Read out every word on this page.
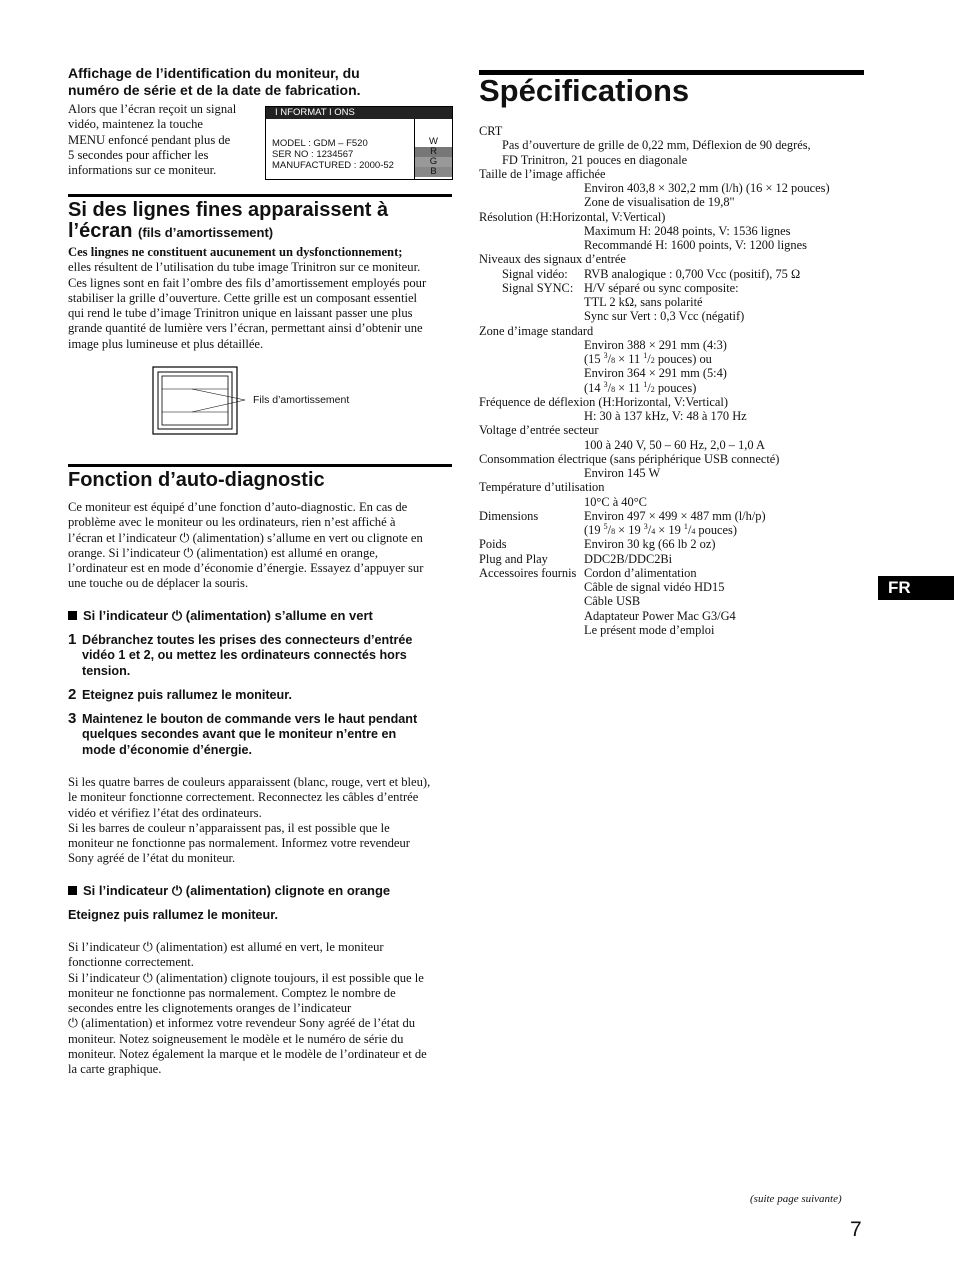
Affichage de l’identification du moniteur, du
numéro de série et de la date de fabrication.
Alors que l’écran reçoit un signal
vidéo, maintenez la touche
MENU enfoncé pendant plus de
5 secondes pour afficher les
informations sur ce moniteur.
I NFORMAT I ONS
MODEL : GDM – F520
SER NO : 1234567
MANUFACTURED : 2000-52
W
R
G
B
Si des lignes fines apparaissent à
l’écran (fils d’amortissement)
Ces lingnes ne constituent aucunement un dysfonctionnement;
elles résultent de l’utilisation du tube image Trinitron sur ce moniteur.
Ces lignes sont en fait l’ombre des fils d’amortissement employés pour
stabiliser la grille d’ouverture. Cette grille est un composant essentiel
qui rend le tube d’image Trinitron unique en laissant passer une plus
grande quantité de lumière vers l’écran, permettant ainsi d’obtenir une
image plus lumineuse et plus détaillée.
Fils d’amortissement
Fonction d’auto-diagnostic
Ce moniteur est équipé d’une fonction d’auto-diagnostic. En cas de
problème avec le moniteur ou les ordinateurs, rien n’est affiché à
l’écran et l’indicateur ⏻ (alimentation) s’allume en vert ou clignote en
orange. Si l’indicateur ⏻ (alimentation) est allumé en orange,
l’ordinateur est en mode d’économie d’énergie. Essayez d’appuyer sur
une touche ou de déplacer la souris.
Si l’indicateur ⏻ (alimentation) s’allume en vert
1 Débranchez toutes les prises des connecteurs d’entrée
vidéo 1 et 2, ou mettez les ordinateurs connectés hors
tension.
2 Eteignez puis rallumez le moniteur.
3 Maintenez le bouton de commande vers le haut pendant
quelques secondes avant que le moniteur n’entre en
mode d’économie d’énergie.
Si les quatre barres de couleurs apparaissent (blanc, rouge, vert et bleu),
le moniteur fonctionne correctement. Reconnectez les câbles d’entrée
vidéo et vérifiez l’état des ordinateurs.
Si les barres de couleur n’apparaissent pas, il est possible que le
moniteur ne fonctionne pas normalement. Informez votre revendeur
Sony agréé de l’état du moniteur.
Si l’indicateur ⏻ (alimentation) clignote en orange
Eteignez puis rallumez le moniteur.
Si l’indicateur ⏻ (alimentation) est allumé en vert, le moniteur
fonctionne correctement.
Si l’indicateur ⏻ (alimentation) clignote toujours, il est possible que le
moniteur ne fonctionne pas normalement. Comptez le nombre de
secondes entre les clignotements oranges de l’indicateur
⏻ (alimentation) et informez votre revendeur Sony agréé de l’état du
moniteur. Notez soigneusement le modèle et le numéro de série du
moniteur. Notez également la marque et le modèle de l’ordinateur et de
la carte graphique.
Spécifications
CRT
Pas d’ouverture de grille de 0,22 mm, Déflexion de 90 degrés,
FD Trinitron, 21 pouces en diagonale
Taille de l’image affichée
Environ 403,8 × 302,2 mm (l/h) (16 × 12 pouces)
Zone de visualisation de 19,8"
Résolution (H:Horizontal, V:Vertical)
Maximum H: 2048 points, V: 1536 lignes
Recommandé H: 1600 points, V: 1200 lignes
Niveaux des signaux d’entrée
Signal vidéo: RVB analogique : 0,700 Vcc (positif), 75 Ω
Signal SYNC: H/V séparé ou sync composite:
TTL 2 kΩ, sans polarité
Sync sur Vert : 0,3 Vcc (négatif)
Zone d’image standard
Environ 388 × 291 mm (4:3)
(15 $^3$/8 × 11 $^1$/2 pouces) ou
Environ 364 × 291 mm (5:4)
(14 $^3$/8 × 11 $^1$/2 pouces)
Fréquence de déflexion (H:Horizontal, V:Vertical)
H: 30 à 137 kHz, V: 48 à 170 Hz
Voltage d’entrée secteur
100 à 240 V, 50 – 60 Hz, 2,0 – 1,0 A
Consommation électrique (sans périphérique USB connecté)
Environ 145 W
Température d’utilisation
10°C à 40°C
Dimensions	Environ 497 × 499 × 487 mm (l/h/p)
(19 $^5$/8 × 19 $^3$/4 × 19 $^1$/4 pouces)
Poids	Environ 30 kg (66 lb 2 oz)
Plug and Play	DDC2B/DDC2Bi
Accessoires fournis Cordon d’alimentation
Câble de signal vidéo HD15
Câble USB
Adaptateur Power Mac G3/G4
Le présent mode d’emploi
FR
(suite page suivante)
7
